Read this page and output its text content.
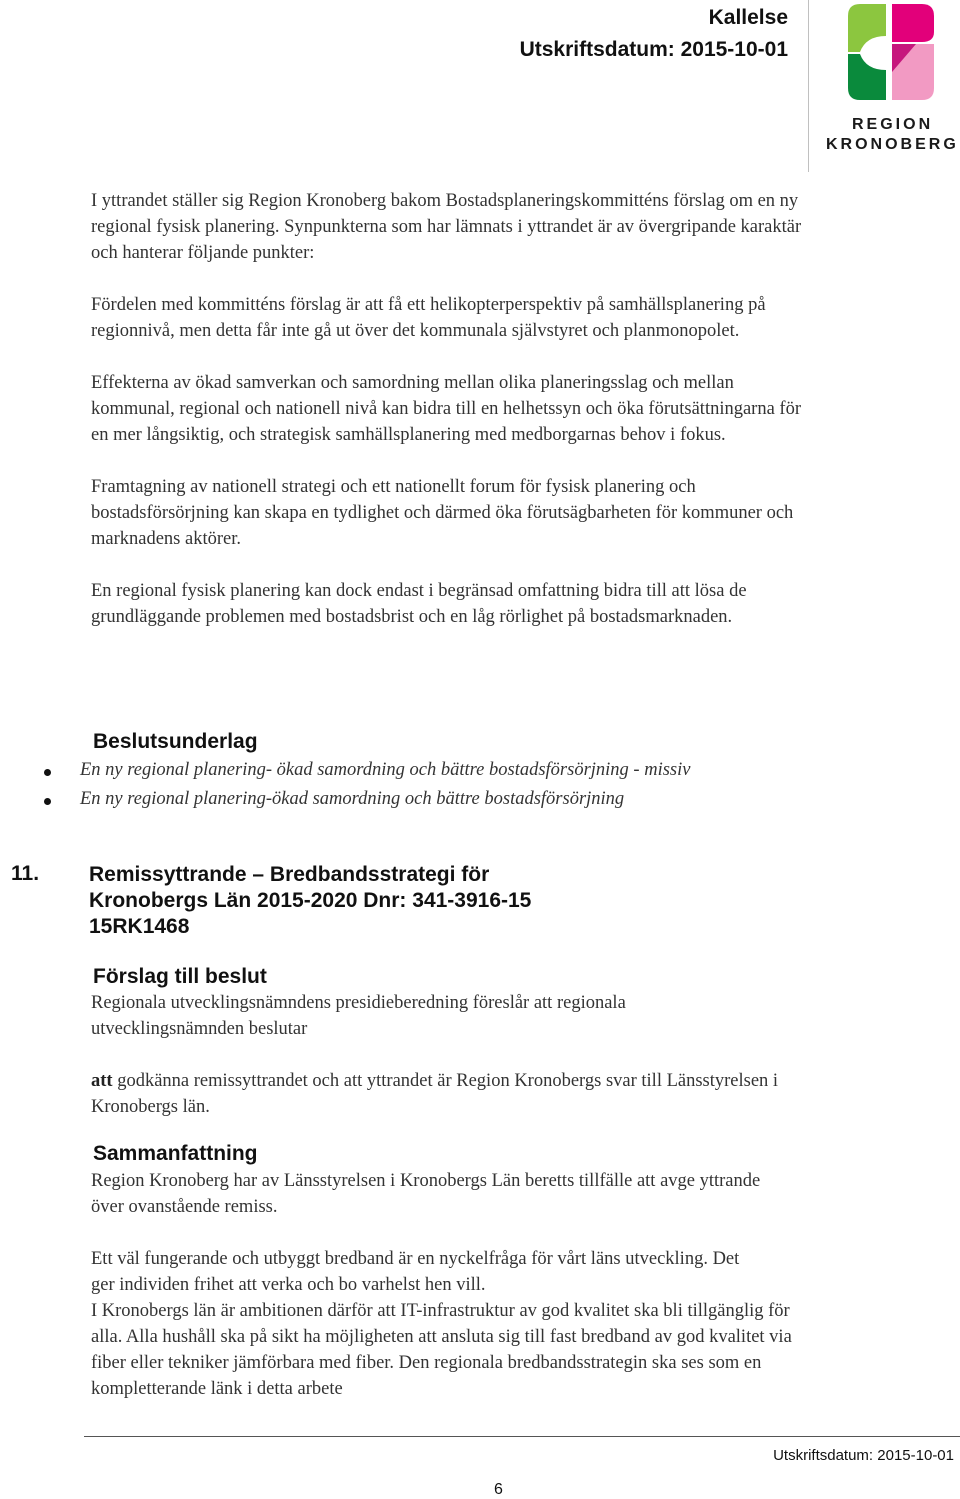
Kallelse
Utskriftsdatum: 2015-10-01
REGION
KRONOBERG

I yttrandet ställer sig Region Kronoberg bakom Bostadsplaneringskommitténs förslag om en ny regional fysisk planering. Synpunkterna som har lämnats i yttrandet är av övergripande karaktär och hanterar följande punkter:

Fördelen med kommitténs förslag är att få ett helikopterperspektiv på samhällsplanering på regionnivå, men detta får inte gå ut över det kommunala självstyret och planmonopolet.

Effekterna av ökad samverkan och samordning mellan olika planeringsslag och mellan kommunal, regional och nationell nivå kan bidra till en helhetssyn och öka förutsättningarna för en mer långsiktig, och strategisk samhällsplanering med medborgarnas behov i fokus.

Framtagning av nationell strategi och ett nationellt forum för fysisk planering och bostadsförsörjning kan skapa en tydlighet och därmed öka förutsägbarheten för kommuner och marknadens aktörer.

En regional fysisk planering kan dock endast i begränsad omfattning bidra till att lösa de grundläggande problemen med bostadsbrist och en låg rörlighet på bostadsmarknaden.

Beslutsunderlag
En ny regional planering- ökad samordning och bättre bostadsförsörjning - missiv
En ny regional planering-ökad samordning och bättre bostadsförsörjning
11. Remissyttrande – Bredbandsstrategi för
Kronobergs Län 2015-2020 Dnr: 341-3916-15
15RK1468
Förslag till beslut

Regionala utvecklingsnämndens presidieberedning föreslår att regionala utvecklingsnämnden beslutar

att godkänna remissyttrandet och att yttrandet är Region Kronobergs svar till Länsstyrelsen i Kronobergs län.

Sammanfattning

Region Kronoberg har av Länsstyrelsen i Kronobergs Län beretts tillfälle att avge yttrande över ovanstående remiss.

Ett väl fungerande och utbyggt bredband är en nyckelfråga för vårt läns utveckling. Det ger individen frihet att verka och bo varhelst hen vill.

I Kronobergs län är ambitionen därför att IT-infrastruktur av god kvalitet ska bli tillgänglig för alla. Alla hushåll ska på sikt ha möjligheten att ansluta sig till fast bredband av god kvalitet via fiber eller tekniker jämförbara med fiber. Den regionala bredbandsstrategin ska ses som en kompletterande länk i detta arbete

Utskriftsdatum: 2015-10-01
6
